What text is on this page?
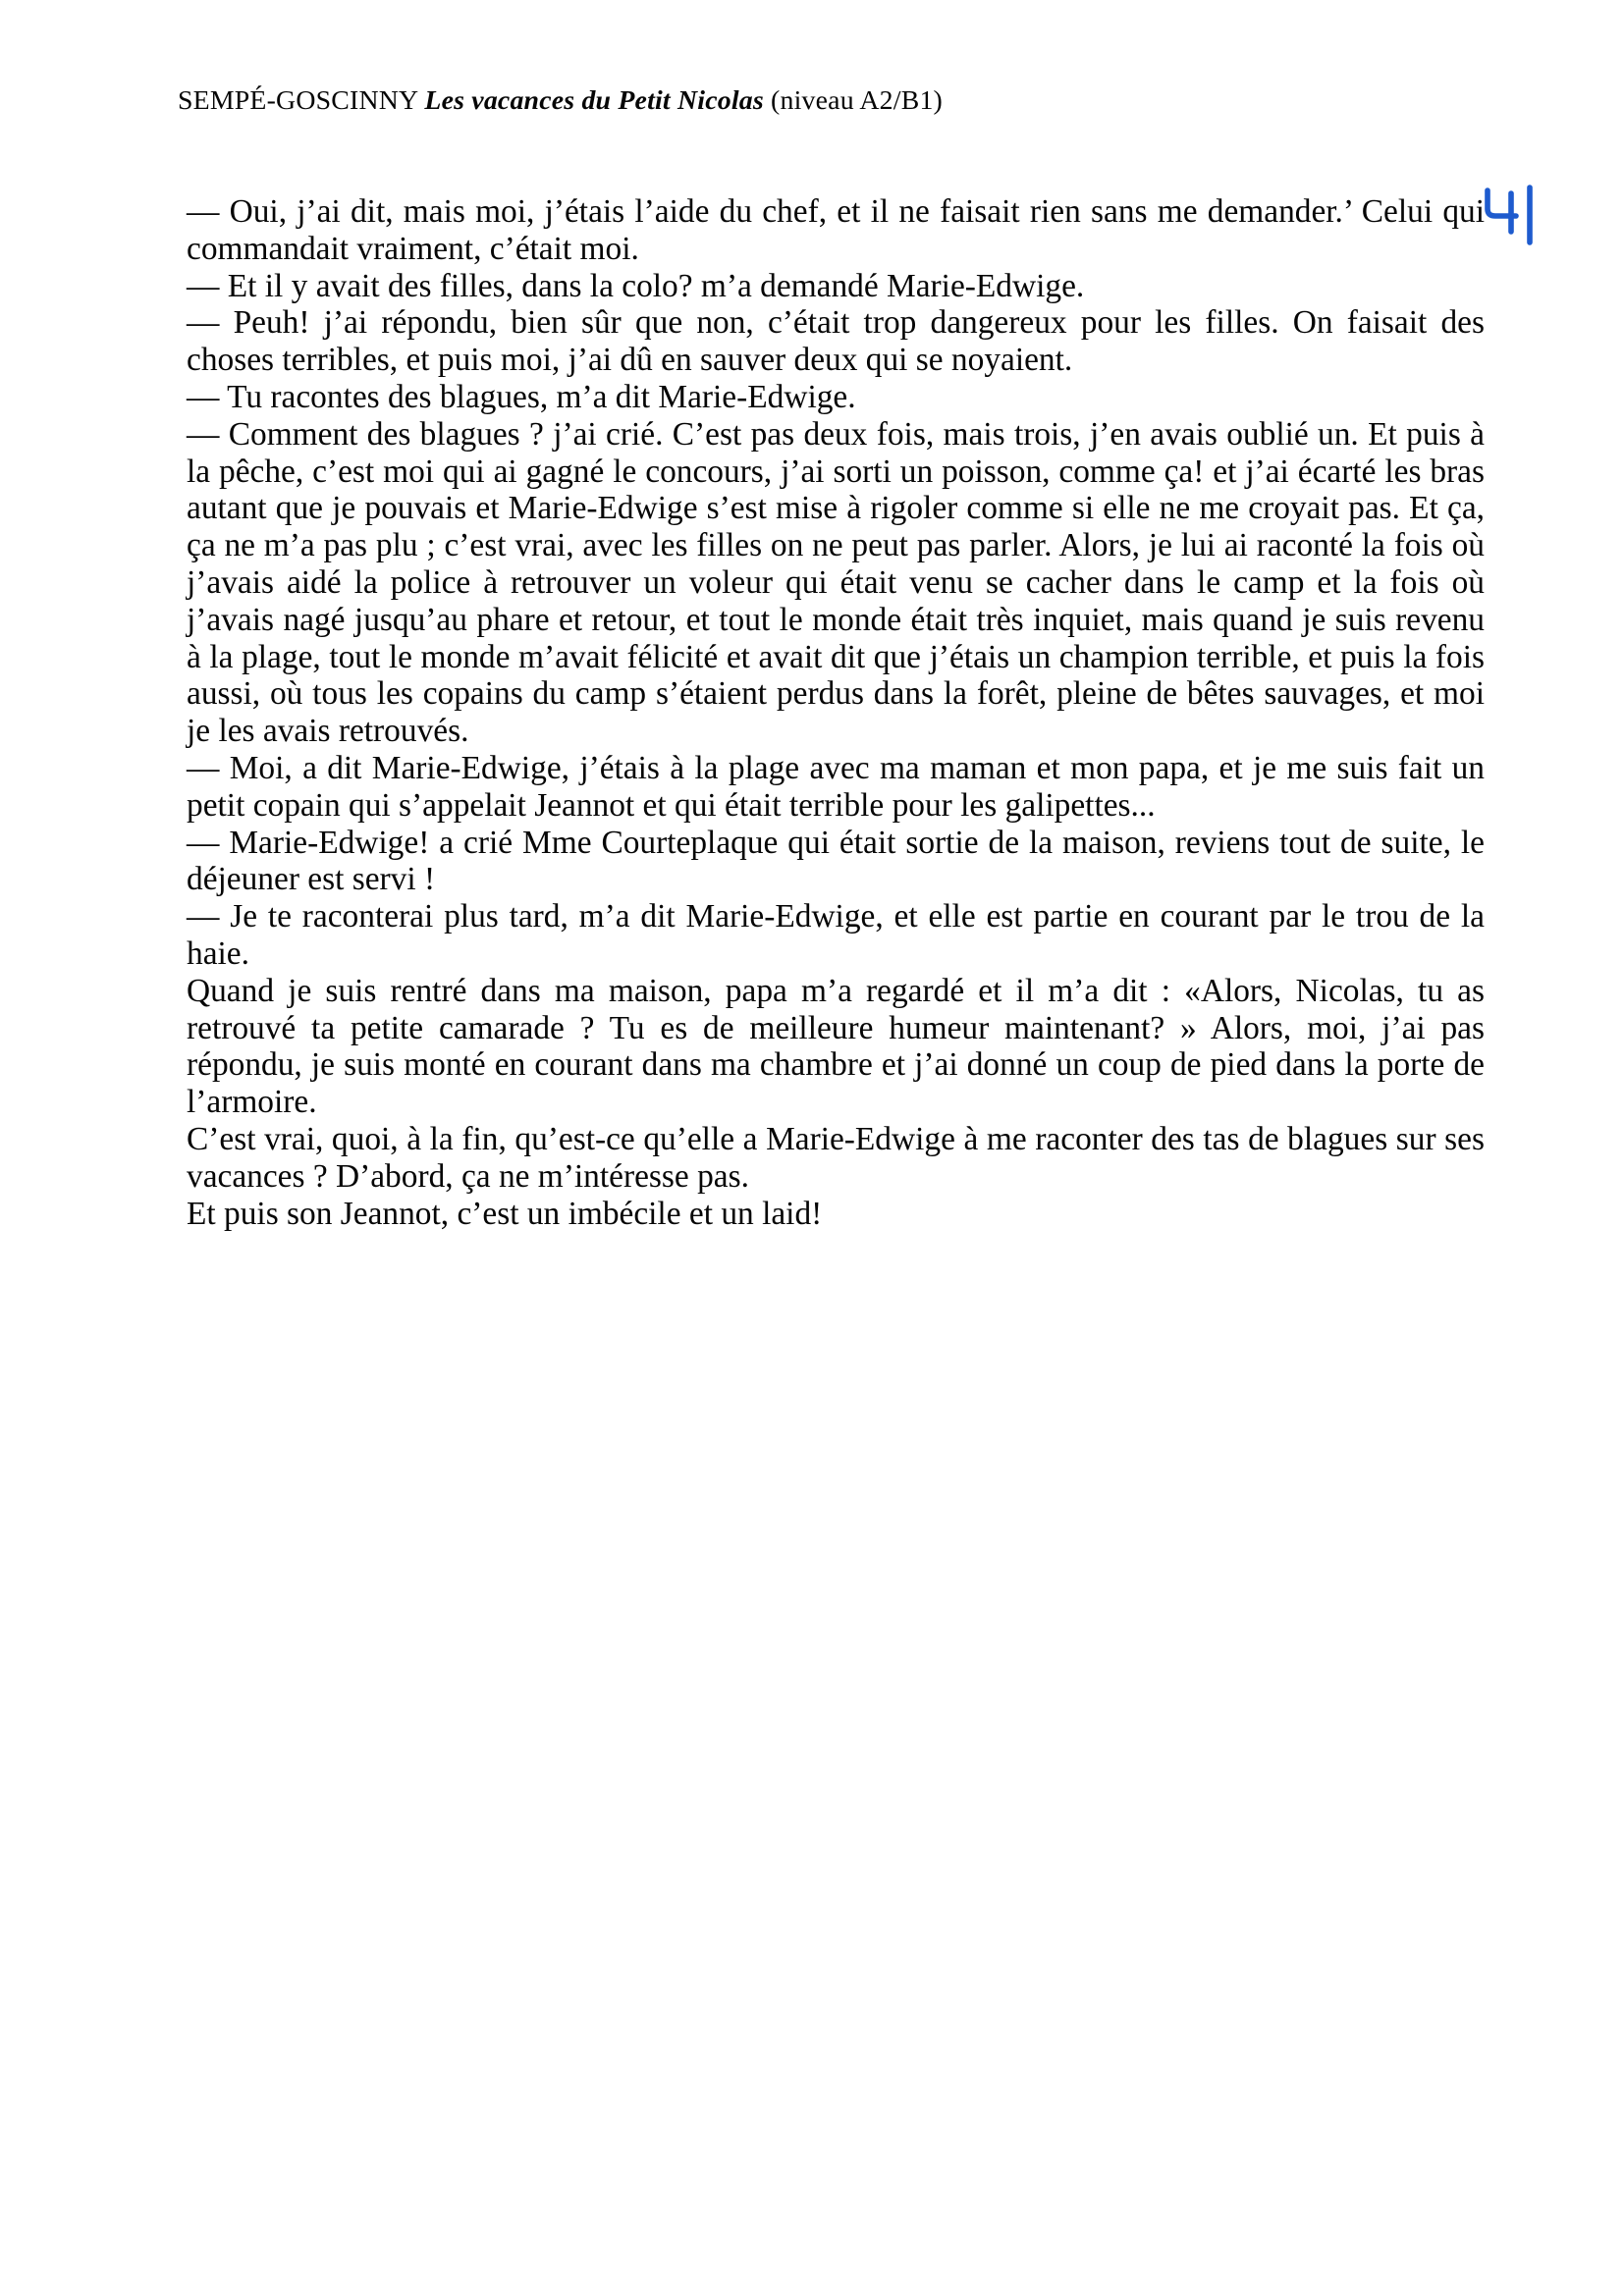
SEMPÉ-GOSCINNY Les vacances du Petit Nicolas (niveau A2/B1)

— Oui, j’ai dit, mais moi, j’étais l’aide du chef, et il ne faisait rien sans me demander.’ Celui qui commandait vraiment, c’était moi.

— Et il y avait des filles, dans la colo? m’a demandé Marie-Edwige.

— Peuh! j’ai répondu, bien sûr que non, c’était trop dangereux pour les filles. On faisait des choses terribles, et puis moi, j’ai dû en sauver deux qui se noyaient.

— Tu racontes des blagues, m’a dit Marie-Edwige.

— Comment des blagues ? j’ai crié. C’est pas deux fois, mais trois, j’en avais oublié un. Et puis à la pêche, c’est moi qui ai gagné le concours, j’ai sorti un poisson, comme ça! et j’ai écarté les bras autant que je pouvais et Marie-Edwige s’est mise à rigoler comme si elle ne me croyait pas. Et ça, ça ne m’a pas plu ; c’est vrai, avec les filles on ne peut pas parler. Alors, je lui ai raconté la fois où j’avais aidé la police à retrouver un voleur qui était venu se cacher dans le camp et la fois où j’avais nagé jusqu’au phare et retour, et tout le monde était très inquiet, mais quand je suis revenu à la plage, tout le monde m’avait félicité et avait dit que j’étais un champion terrible, et puis la fois aussi, où tous les copains du camp s’étaient perdus dans la forêt, pleine de bêtes sauvages, et moi je les avais retrouvés.

— Moi, a dit Marie-Edwige, j’étais à la plage avec ma maman et mon papa, et je me suis fait un petit copain qui s’appelait Jeannot et qui était terrible pour les galipettes...

— Marie-Edwige! a crié Mme Courteplaque qui était sortie de la maison, reviens tout de suite, le déjeuner est servi !

— Je te raconterai plus tard, m’a dit Marie-Edwige, et elle est partie en courant par le trou de la haie.

Quand je suis rentré dans ma maison, papa m’a regardé et il m’a dit : «Alors, Nicolas, tu as retrouvé ta petite camarade ? Tu es de meilleure humeur maintenant? » Alors, moi, j’ai pas répondu, je suis monté en courant dans ma chambre et j’ai donné un coup de pied dans la porte de l’armoire.

C’est vrai, quoi, à la fin, qu’est-ce qu’elle a Marie-Edwige à me raconter des tas de blagues sur ses vacances ? D’abord, ça ne m’intéresse pas.

Et puis son Jeannot, c’est un imbécile et un laid!
